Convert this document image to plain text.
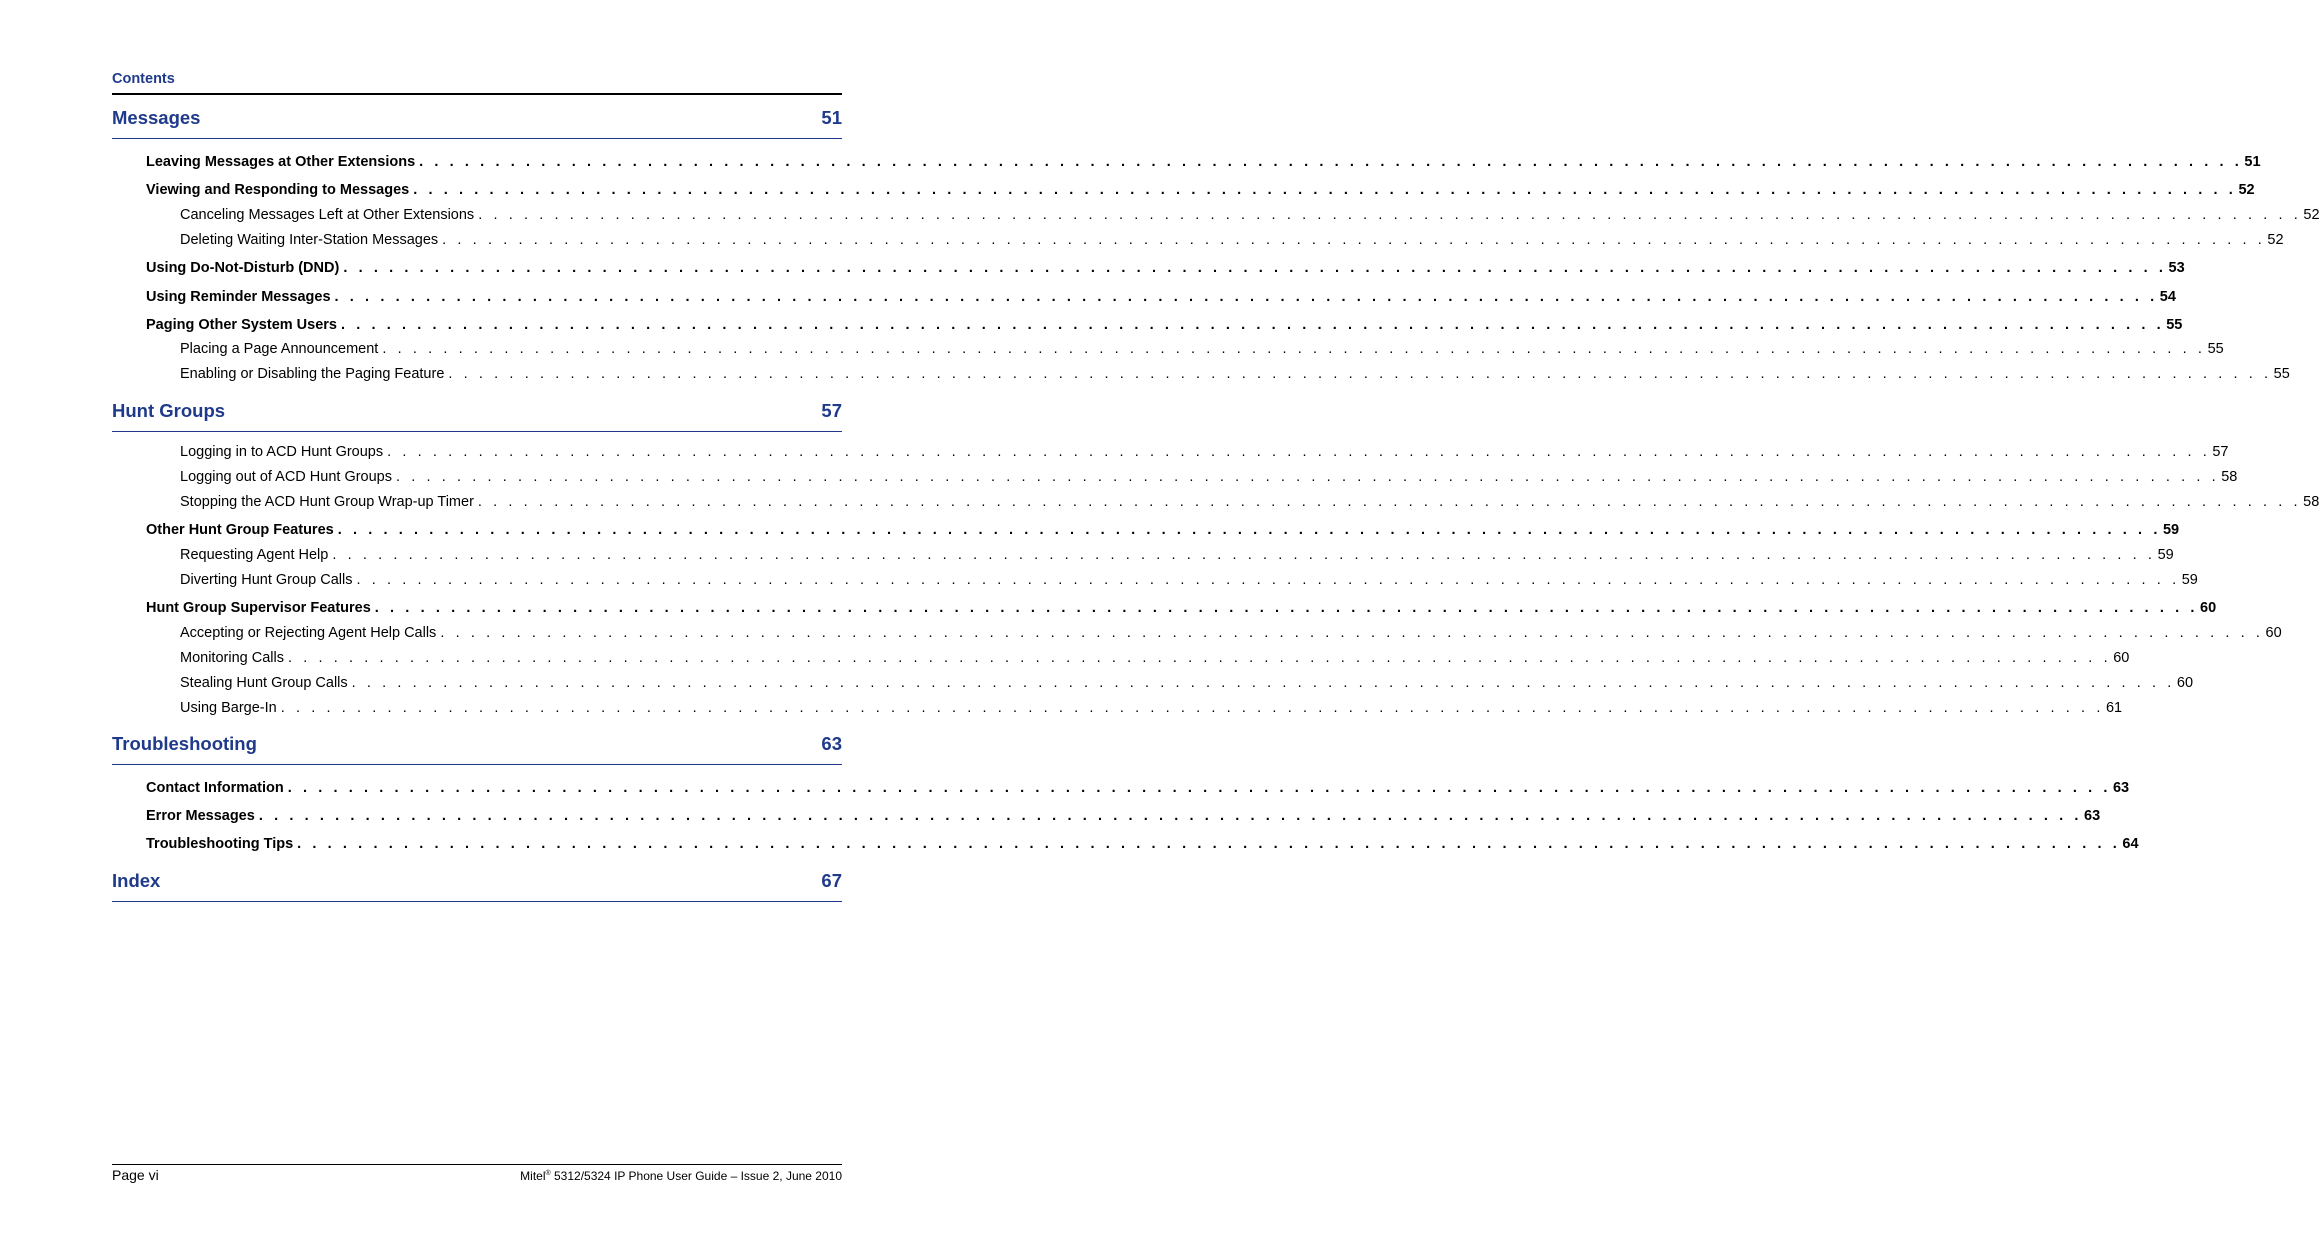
Contents
Messages	51
Leaving Messages at Other Extensions . . . . . . . . . . . . . . . . . . . . . . . . . . . . . . . . . . . . . . . . . . . . . . . . . . . . . . . . . . . . . . . . . . . . . . . . . . . . . . . . . . . . . . . . . . . . . . . . . . . . . . . . . . . . . . . . . . . . . . . . 51
Viewing and Responding to Messages . . . . . . . . . . . . . . . . . . . . . . . . . . . . . . . . . . . . . . . . . . . . . . . . . . . . . . . . . . . . . . . . . . . . . . . . . . . . . . . . . . . . . . . . . . . . . . . . . . . . . . . . . . . . . . . . . . . . . . . . 52
Canceling Messages Left at Other Extensions . . . . . . . . . . . . . . . . . . . . . . . . . . . . . . . . . . . . . . . . . . . . . . . . . . . . . . . . . . . . . . . . . . . . . . . . . . . . . . . . . . . . . . . . . . . . . . . . . . . . . . . . . . . . . . . . . . . . . . . . 52
Deleting Waiting Inter-Station Messages . . . . . . . . . . . . . . . . . . . . . . . . . . . . . . . . . . . . . . . . . . . . . . . . . . . . . . . . . . . . . . . . . . . . . . . . . . . . . . . . . . . . . . . . . . . . . . . . . . . . . . . . . . . . . . . . . . . . . . . . 52
Using Do-Not-Disturb (DND) . . . . . . . . . . . . . . . . . . . . . . . . . . . . . . . . . . . . . . . . . . . . . . . . . . . . . . . . . . . . . . . . . . . . . . . . . . . . . . . . . . . . . . . . . . . . . . . . . . . . . . . . . . . . . . . . . . . . . . . . 53
Using Reminder Messages . . . . . . . . . . . . . . . . . . . . . . . . . . . . . . . . . . . . . . . . . . . . . . . . . . . . . . . . . . . . . . . . . . . . . . . . . . . . . . . . . . . . . . . . . . . . . . . . . . . . . . . . . . . . . . . . . . . . . . . . 54
Paging Other System Users . . . . . . . . . . . . . . . . . . . . . . . . . . . . . . . . . . . . . . . . . . . . . . . . . . . . . . . . . . . . . . . . . . . . . . . . . . . . . . . . . . . . . . . . . . . . . . . . . . . . . . . . . . . . . . . . . . . . . . . . 55
Placing a Page Announcement . . . . . . . . . . . . . . . . . . . . . . . . . . . . . . . . . . . . . . . . . . . . . . . . . . . . . . . . . . . . . . . . . . . . . . . . . . . . . . . . . . . . . . . . . . . . . . . . . . . . . . . . . . . . . . . . . . . . . . . . 55
Enabling or Disabling the Paging Feature . . . . . . . . . . . . . . . . . . . . . . . . . . . . . . . . . . . . . . . . . . . . . . . . . . . . . . . . . . . . . . . . . . . . . . . . . . . . . . . . . . . . . . . . . . . . . . . . . . . . . . . . . . . . . . . . . . . . . . . . 55
Hunt Groups	57
Logging in to ACD Hunt Groups . . . . . . . . . . . . . . . . . . . . . . . . . . . . . . . . . . . . . . . . . . . . . . . . . . . . . . . . . . . . . . . . . . . . . . . . . . . . . . . . . . . . . . . . . . . . . . . . . . . . . . . . . . . . . . . . . . . . . . . . 57
Logging out of ACD Hunt Groups . . . . . . . . . . . . . . . . . . . . . . . . . . . . . . . . . . . . . . . . . . . . . . . . . . . . . . . . . . . . . . . . . . . . . . . . . . . . . . . . . . . . . . . . . . . . . . . . . . . . . . . . . . . . . . . . . . . . . . . . 58
Stopping the ACD Hunt Group Wrap-up Timer . . . . . . . . . . . . . . . . . . . . . . . . . . . . . . . . . . . . . . . . . . . . . . . . . . . . . . . . . . . . . . . . . . . . . . . . . . . . . . . . . . . . . . . . . . . . . . . . . . . . . . . . . . . . . . . . . . . . . . . . 58
Other Hunt Group Features . . . . . . . . . . . . . . . . . . . . . . . . . . . . . . . . . . . . . . . . . . . . . . . . . . . . . . . . . . . . . . . . . . . . . . . . . . . . . . . . . . . . . . . . . . . . . . . . . . . . . . . . . . . . . . . . . . . . . . . . 59
Requesting Agent Help . . . . . . . . . . . . . . . . . . . . . . . . . . . . . . . . . . . . . . . . . . . . . . . . . . . . . . . . . . . . . . . . . . . . . . . . . . . . . . . . . . . . . . . . . . . . . . . . . . . . . . . . . . . . . . . . . . . . . . . . 59
Diverting Hunt Group Calls . . . . . . . . . . . . . . . . . . . . . . . . . . . . . . . . . . . . . . . . . . . . . . . . . . . . . . . . . . . . . . . . . . . . . . . . . . . . . . . . . . . . . . . . . . . . . . . . . . . . . . . . . . . . . . . . . . . . . . . . 59
Hunt Group Supervisor Features . . . . . . . . . . . . . . . . . . . . . . . . . . . . . . . . . . . . . . . . . . . . . . . . . . . . . . . . . . . . . . . . . . . . . . . . . . . . . . . . . . . . . . . . . . . . . . . . . . . . . . . . . . . . . . . . . . . . . . . . 60
Accepting or Rejecting Agent Help Calls . . . . . . . . . . . . . . . . . . . . . . . . . . . . . . . . . . . . . . . . . . . . . . . . . . . . . . . . . . . . . . . . . . . . . . . . . . . . . . . . . . . . . . . . . . . . . . . . . . . . . . . . . . . . . . . . . . . . . . . . 60
Monitoring Calls . . . . . . . . . . . . . . . . . . . . . . . . . . . . . . . . . . . . . . . . . . . . . . . . . . . . . . . . . . . . . . . . . . . . . . . . . . . . . . . . . . . . . . . . . . . . . . . . . . . . . . . . . . . . . . . . . . . . . . . . 60
Stealing Hunt Group Calls . . . . . . . . . . . . . . . . . . . . . . . . . . . . . . . . . . . . . . . . . . . . . . . . . . . . . . . . . . . . . . . . . . . . . . . . . . . . . . . . . . . . . . . . . . . . . . . . . . . . . . . . . . . . . . . . . . . . . . . . 60
Using Barge-In . . . . . . . . . . . . . . . . . . . . . . . . . . . . . . . . . . . . . . . . . . . . . . . . . . . . . . . . . . . . . . . . . . . . . . . . . . . . . . . . . . . . . . . . . . . . . . . . . . . . . . . . . . . . . . . . . . . . . . . . 61
Troubleshooting	63
Contact Information . . . . . . . . . . . . . . . . . . . . . . . . . . . . . . . . . . . . . . . . . . . . . . . . . . . . . . . . . . . . . . . . . . . . . . . . . . . . . . . . . . . . . . . . . . . . . . . . . . . . . . . . . . . . . . . . . . . . . . . . 63
Error Messages . . . . . . . . . . . . . . . . . . . . . . . . . . . . . . . . . . . . . . . . . . . . . . . . . . . . . . . . . . . . . . . . . . . . . . . . . . . . . . . . . . . . . . . . . . . . . . . . . . . . . . . . . . . . . . . . . . . . . . . . 63
Troubleshooting Tips . . . . . . . . . . . . . . . . . . . . . . . . . . . . . . . . . . . . . . . . . . . . . . . . . . . . . . . . . . . . . . . . . . . . . . . . . . . . . . . . . . . . . . . . . . . . . . . . . . . . . . . . . . . . . . . . . . . . . . . . 64
Index	67
Page vi	Mitel® 5312/5324 IP Phone User Guide – Issue 2, June 2010
